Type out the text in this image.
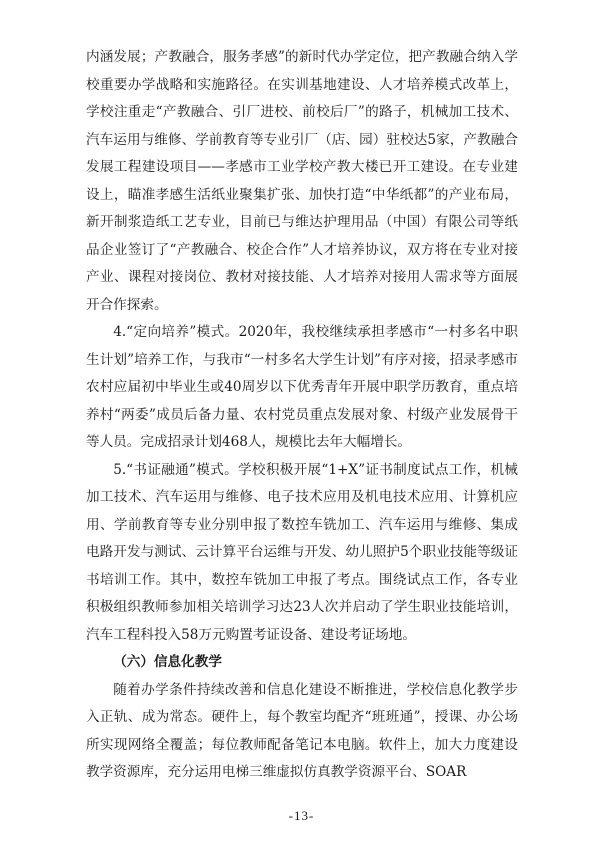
内涵发展；产教融合，服务孝感”的新时代办学定位，把产教融合纳入学校重要办学战略和实施路径。在实训基地建设、人才培养模式改革上，学校注重走“产教融合、引厂进校、前校后厂”的路子，机械加工技术、汽车运用与维修、学前教育等专业引厂（店、园）驻校达5家，产教融合发展工程建设项目——孝感市工业学校产教大楼已开工建设。在专业建设上，瞄准孝感生活纸业聚集扩张、加快打造“中华纸都”的产业布局，新开制浆造纸工艺专业，目前已与维达护理用品（中国）有限公司等纸品企业签订了“产教融合、校企合作”人才培养协议，双方将在专业对接产业、课程对接岗位、教材对接技能、人才培养对接用人需求等方面展开合作探索。

4.“定向培养”模式。2020年，我校继续承担孝感市“一村多名中职生计划”培养工作，与我市“一村多名大学生计划”有序对接，招录孝感市农村应届初中毕业生或40周岁以下优秀青年开展中职学历教育，重点培养村“两委”成员后备力量、农村党员重点发展对象、村级产业发展骨干等人员。完成招录计划468人，规模比去年大幅增长。

5.“书证融通”模式。学校积极开展“1+X”证书制度试点工作，机械加工技术、汽车运用与维修、电子技术应用及机电技术应用、计算机应用、学前教育等专业分别申报了数控车铣加工、汽车运用与维修、集成电路开发与测试、云计算平台运维与开发、幼儿照护5个职业技能等级证书培训工作。其中，数控车铣加工申报了考点。围绕试点工作，各专业积极组织教师参加相关培训学习达23人次并启动了学生职业技能培训，汽车工程科投入58万元购置考证设备、建设考证场地。

（六）信息化教学

随着办学条件持续改善和信息化建设不断推进，学校信息化教学步入正轨、成为常态。硬件上，每个教室均配齐“班班通”，授课、办公场所实现网络全覆盖；每位教师配备笔记本电脑。软件上，加大力度建设教学资源库，充分运用电梯三维虚拟仿真教学资源平台、SOAR

-13-
